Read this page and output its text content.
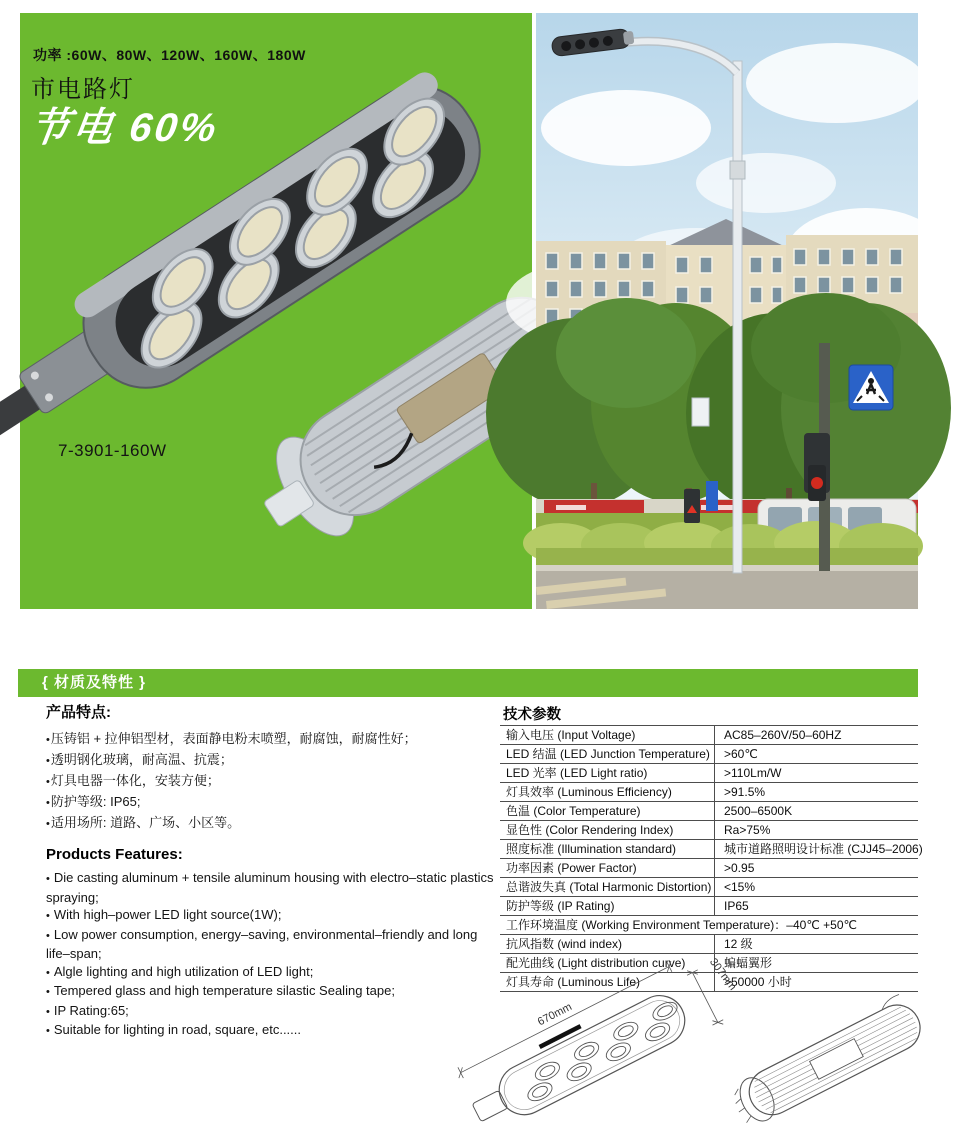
功率 :60W、80W、120W、160W、180W
市电路灯
节电 60%
7-3901-160W
{ 材质及特性 }
产品特点:
•压铸铝 + 拉伸铝型材，表面静电粉末喷塑，耐腐蚀，耐腐性好；
•透明钢化玻璃，耐高温、抗震；
•灯具电器一体化，安装方便；
•防护等级: IP65;
•适用场所: 道路、广场、小区等。
Products Features:
• Die casting aluminum + tensile aluminum housing with electro–static plastics spraying;
• With high–power LED light source(1W);
• Low power consumption, energy–saving, environmental–friendly and long life–span;
• Algle lighting and high utilization of LED light;
• Tempered glass and high temperature silastic Sealing tape;
• IP Rating:65;
• Suitable for lighting in road, square, etc......
技术参数
输入电压 (Input Voltage)	AC85–260V/50–60HZ
LED 结温 (LED Junction Temperature)	>60℃
LED 光率 (LED Light ratio)	>110Lm/W
灯具效率 (Luminous Efficiency)	>91.5%
色温 (Color Temperature)	2500–6500K
显色性 (Color Rendering Index)	Ra>75%
照度标准 (Illumination standard)	城市道路照明设计标准 (CJJ45–2006)
功率因素 (Power Factor)	>0.95
总谐波失真 (Total Harmonic Distortion)	<15%
防护等级 (IP Rating)	IP65
工作环境温度 (Working Environment Temperature)：–40℃ +50℃	
抗风指数 (wind index)	12 级
配光曲线 (Light distribution curve)	蝙蝠翼形
灯具寿命 (Luminous Life)	>50000 小时
670mm
307mm
